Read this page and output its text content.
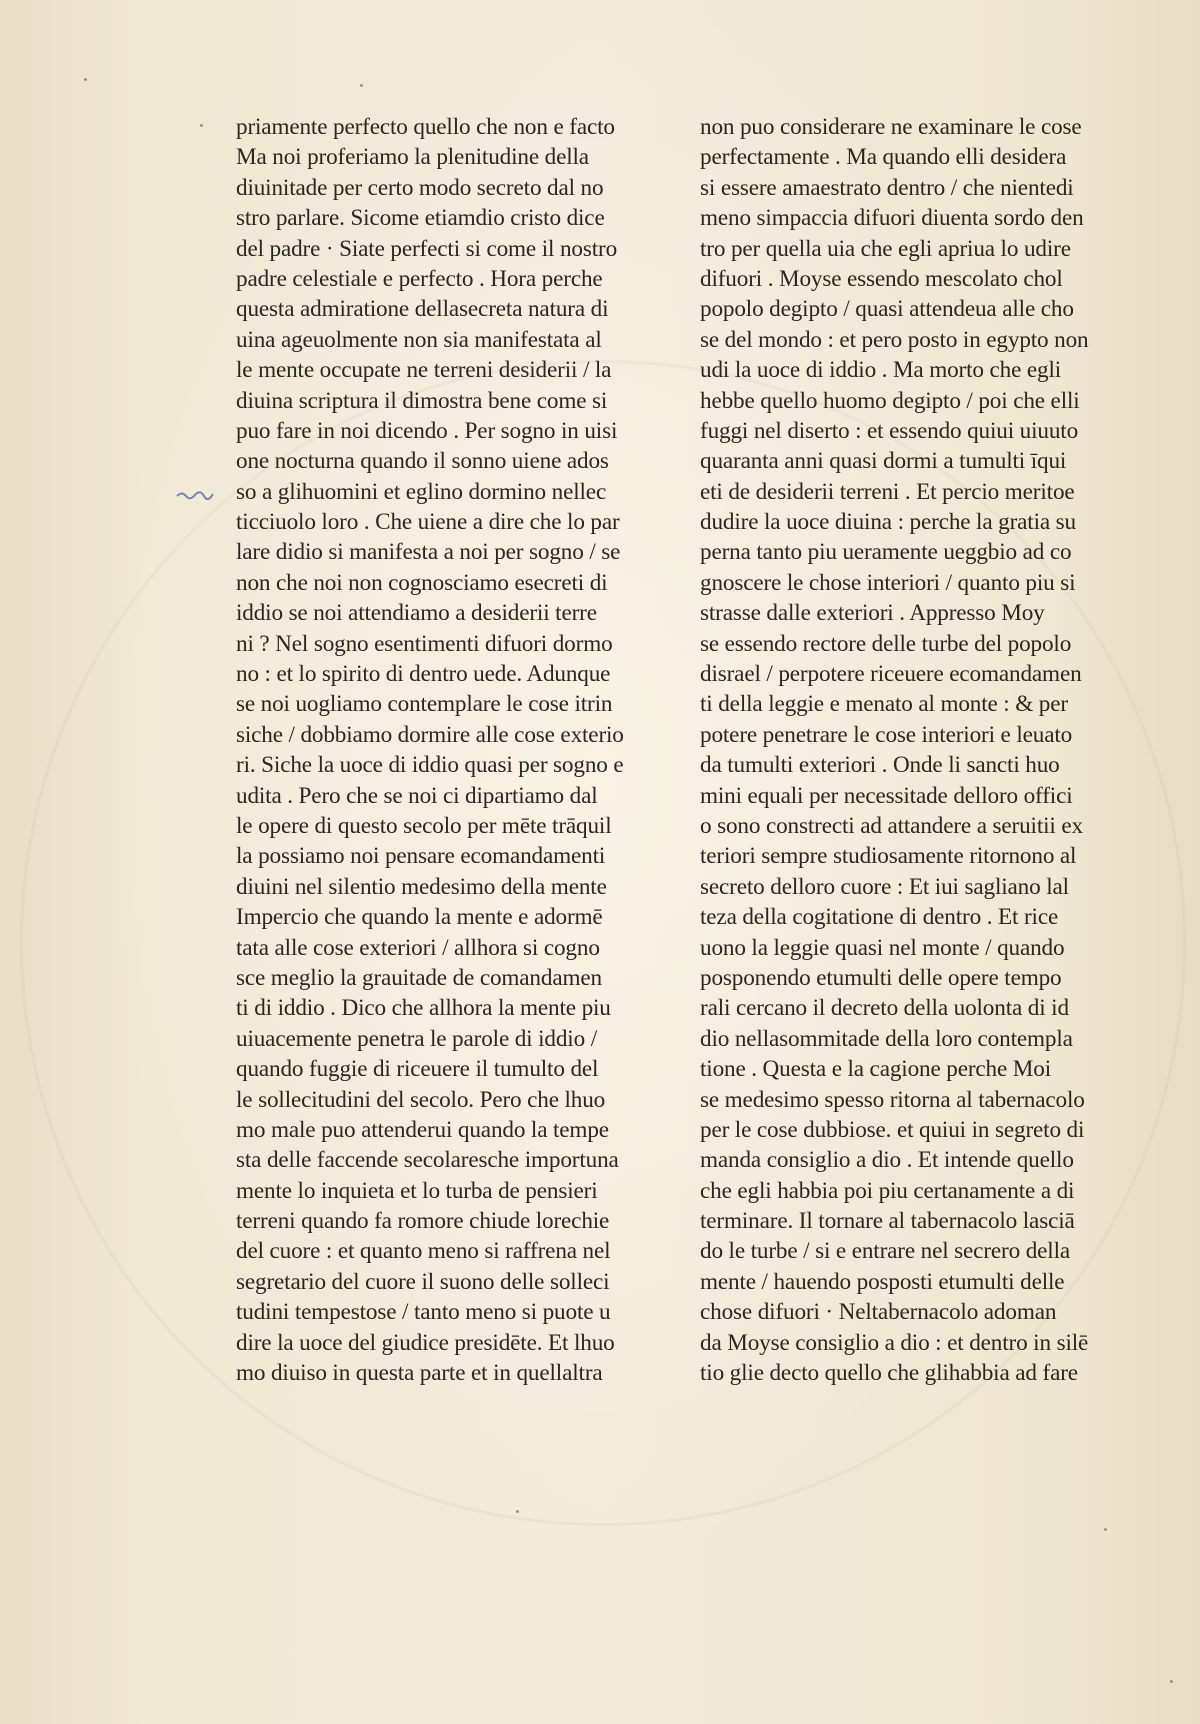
priamente perfecto quello che non e facto
Ma noi proferiamo la plenitudine della
diuinitade per certo modo secreto dal no
stro parlare. Sicome etiamdio cristo dice
del padre · Siate perfecti si come il nostro
padre celestiale e perfecto . Hora perche
questa admiratione dellasecreta natura di
uina ageuolmente non sia manifestata al
le mente occupate ne terreni desiderii / la
diuina scriptura il dimostra bene come si
puo fare in noi dicendo . Per sogno in uisi
one nocturna quando il sonno uiene ados
so a glihuomini et eglino dormino nellec
ticciuolo loro . Che uiene a dire che lo par
lare didio si manifesta a noi per sogno / se
non che noi non cognosciamo esecreti di
iddio se noi attendiamo a desiderii terre
ni ? Nel sogno esentimenti difuori dormo
no : et lo spirito di dentro uede. Adunque
se noi uogliamo contemplare le cose itrin
siche / dobbiamo dormire alle cose exterio
ri. Siche la uoce di iddio quasi per sogno e
udita . Pero che se noi ci dipartiamo dal
le opere di questo secolo per mēte trāquil
la possiamo noi pensare ecomandamenti
diuini nel silentio medesimo della mente
Impercio che quando la mente e adormē
tata alle cose exteriori / allhora si cogno
sce meglio la grauitade de comandamen
ti di iddio . Dico che allhora la mente piu
uiuacemente penetra le parole di iddio /
quando fuggie di riceuere il tumulto del
le sollecitudini del secolo. Pero che lhuo
mo male puo attenderui quando la tempe
sta delle faccende secolaresche importuna
mente lo inquieta et lo turba de pensieri
terreni quando fa romore chiude lorechie
del cuore : et quanto meno si raffrena nel
segretario del cuore il suono delle solleci
tudini tempestose / tanto meno si puote u
dire la uoce del giudice presidēte. Et lhuo
mo diuiso in questa parte et in quellaltra
non puo considerare ne examinare le cose
perfectamente . Ma quando elli desidera
si essere amaestrato dentro / che nientedi
meno simpaccia difuori diuenta sordo den
tro per quella uia che egli apriua lo udire
difuori . Moyse essendo mescolato chol
popolo degipto / quasi attendeua alle cho
se del mondo : et pero posto in egypto non
udi la uoce di iddio . Ma morto che egli
hebbe quello huomo degipto / poi che elli
fuggi nel diserto : et essendo quiui uiuuto
quaranta anni quasi dormi a tumulti īqui
eti de desiderii terreni . Et percio meritoe
dudire la uoce diuina : perche la gratia su
perna tanto piu ueramente ueggbio ad co
gnoscere le chose interiori / quanto piu si
strasse dalle exteriori . Appresso Moy
se essendo rectore delle turbe del popolo
disrael / perpotere riceuere ecomandamen
ti della leggie e menato al monte : & per
potere penetrare le cose interiori e leuato
da tumulti exteriori . Onde li sancti huo
mini equali per necessitade delloro offici
o sono constrecti ad attandere a seruitii ex
teriori sempre studiosamente ritornono al
secreto delloro cuore : Et iui sagliano lal
teza della cogitatione di dentro . Et rice
uono la leggie quasi nel monte / quando
posponendo etumulti delle opere tempo
rali cercano il decreto della uolonta di id
dio nellasommitade della loro contempla
tione . Questa e la cagione perche Moi
se medesimo spesso ritorna al tabernacolo
per le cose dubbiose. et quiui in segreto di
manda consiglio a dio . Et intende quello
che egli habbia poi piu certanamente a di
terminare. Il tornare al tabernacolo lasciā
do le turbe / si e entrare nel secrero della
mente / hauendo posposti etumulti delle
chose difuori · Neltabernacolo adoman
da Moyse consiglio a dio : et dentro in silē
tio glie decto quello che glihabbia ad fare
